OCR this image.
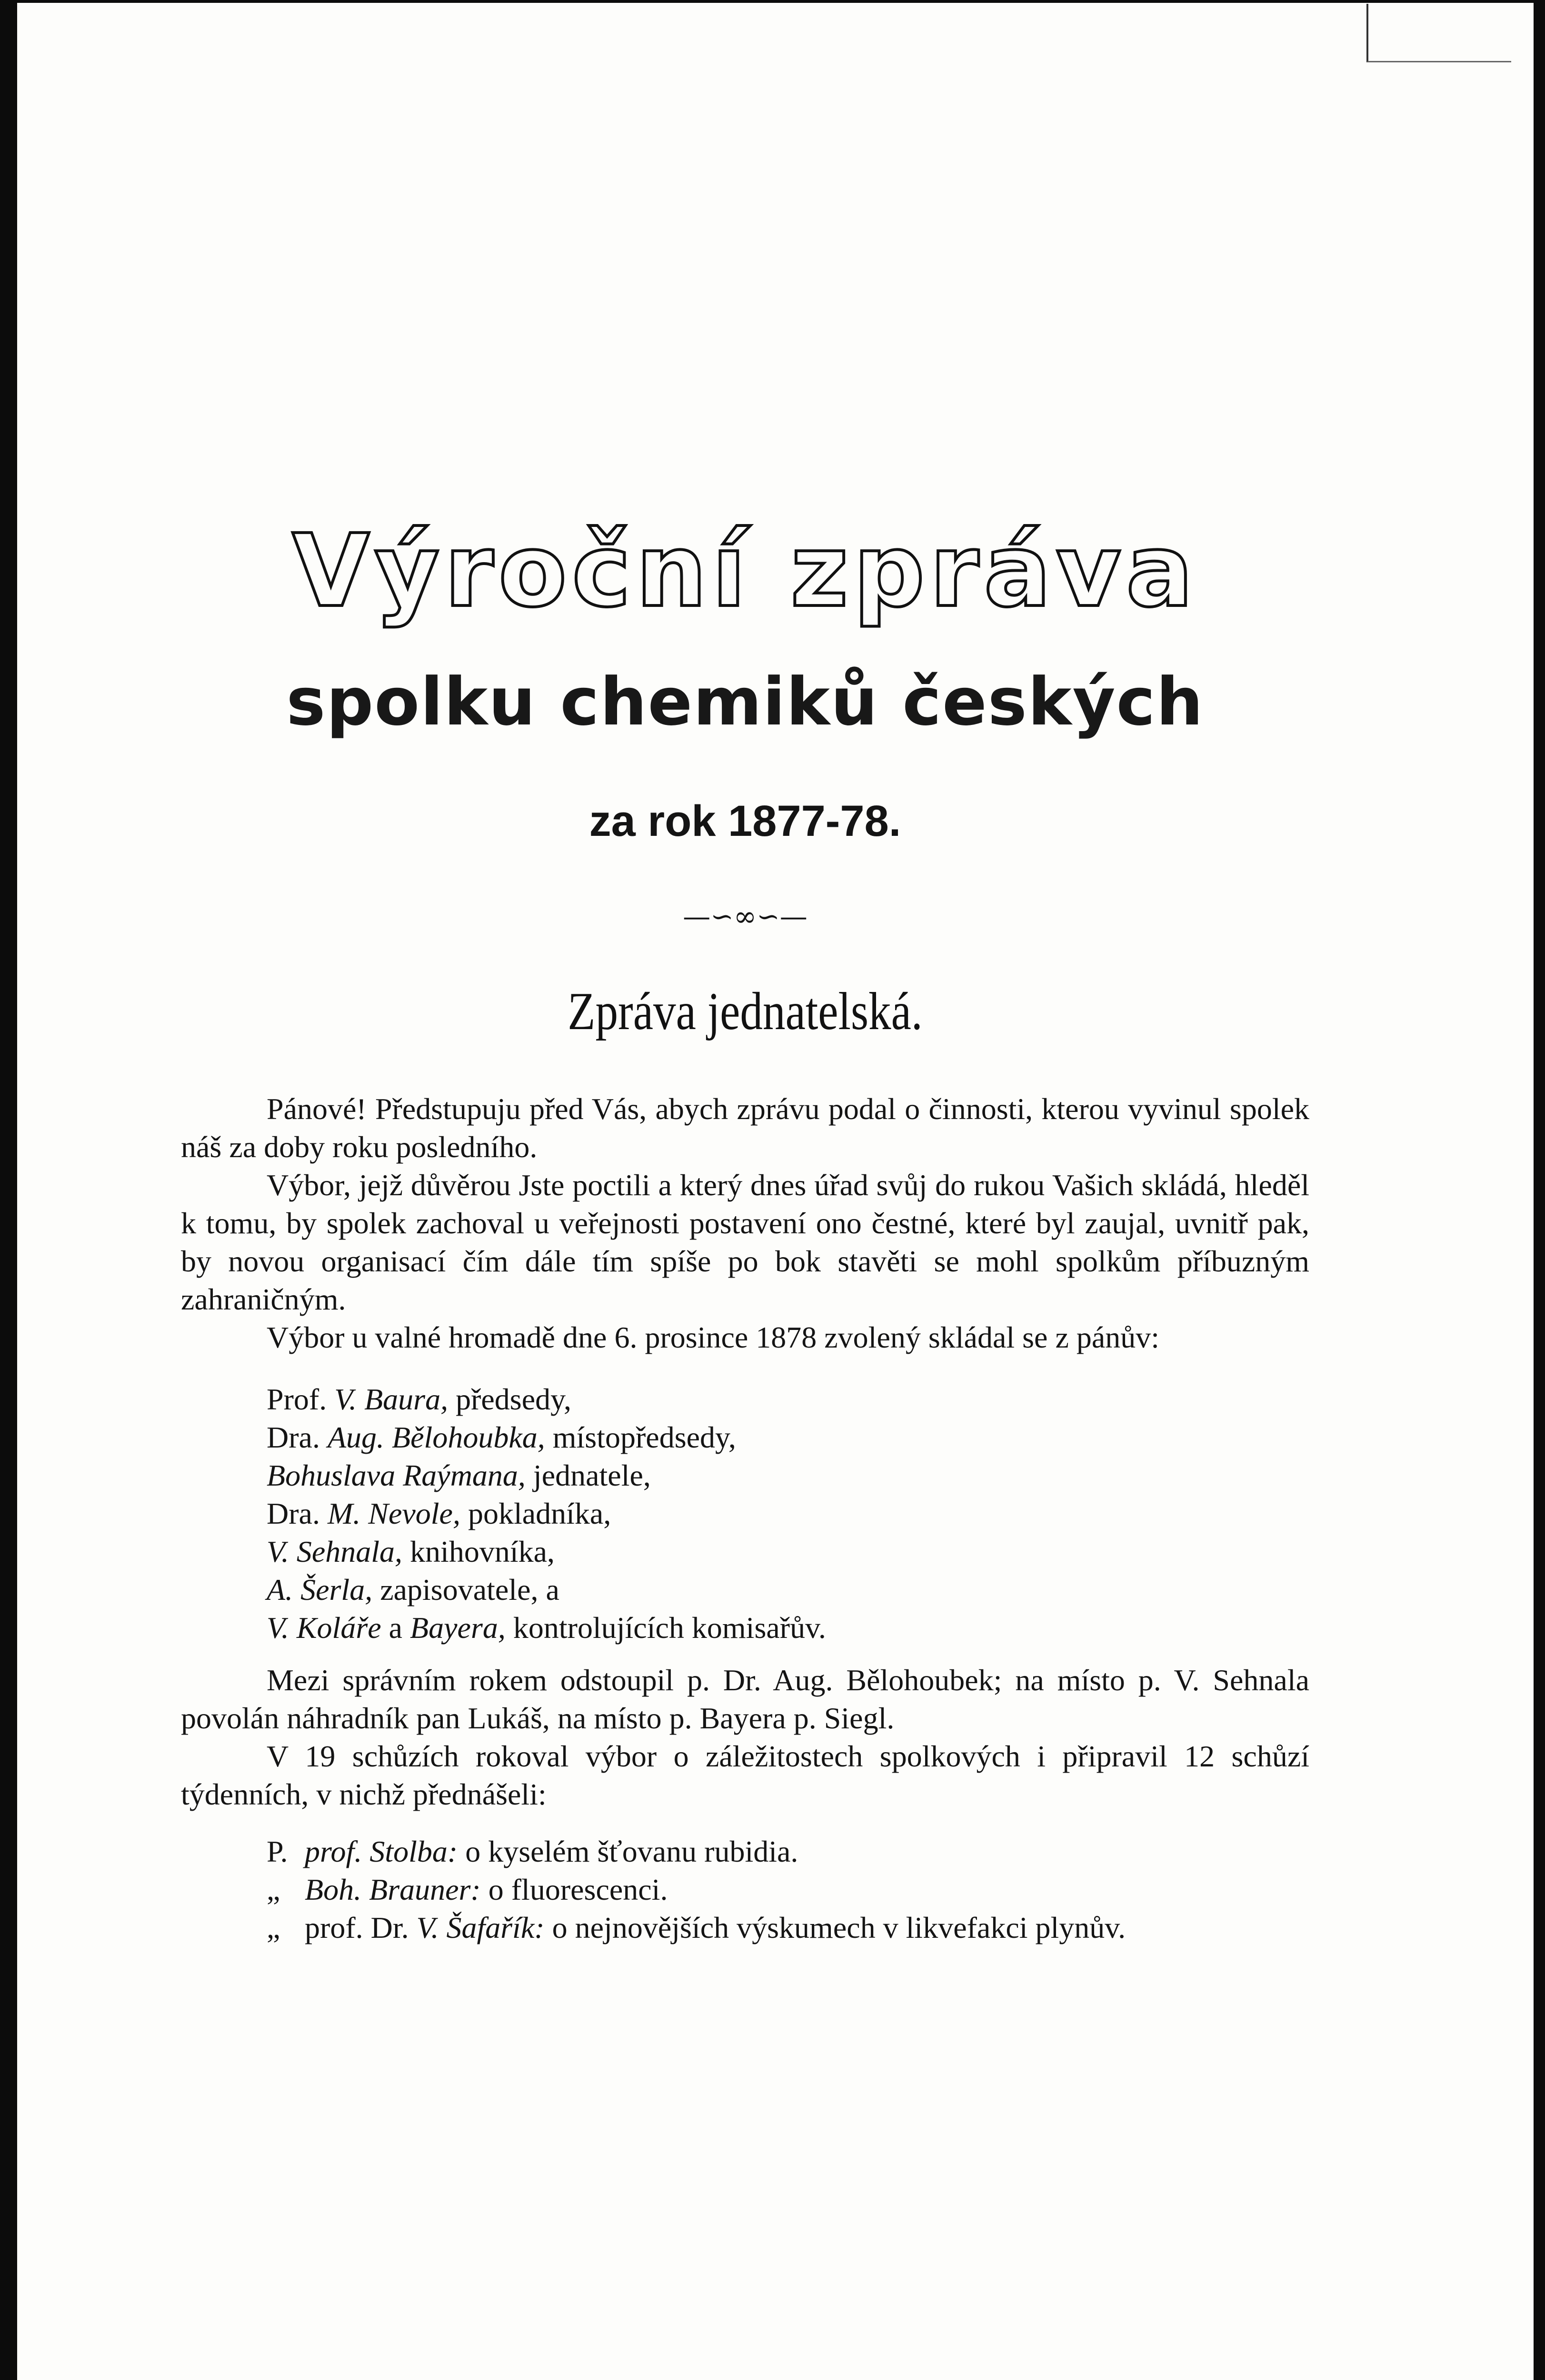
Výroční zpráva
spolku chemiků českých
za rok 1877-78.
—∽∞∽—
Zpráva jednatelská.

Pánové! Předstupuju před Vás, abych zprávu podal o činnosti, kterou vyvinul spolek náš za doby roku posledního.

Výbor, jejž důvěrou Jste poctili a který dnes úřad svůj do rukou Vašich skládá, hleděl k tomu, by spolek zachoval u veřejnosti postavení ono čestné, které byl zaujal, uvnitř pak, by novou organisací čím dále tím spíše po bok stavěti se mohl spolkům příbuzným zahraničným.

Výbor u valné hromadě dne 6. prosince 1878 zvolený skládal se z pánův:

Prof. V. Baura, předsedy,
Dra. Aug. Bělohoubka, místopředsedy,
Bohuslava Raýmana, jednatele,
Dra. M. Nevole, pokladníka,
V. Sehnala, knihovníka,
A. Šerla, zapisovatele, a
V. Koláře a Bayera, kontrolujících komisařův.

Mezi správním rokem odstoupil p. Dr. Aug. Bělohoubek; na místo p. V. Sehnala povolán náhradník pan Lukáš, na místo p. Bayera p. Siegl.

V 19 schůzích rokoval výbor o záležitostech spolkových i připravil 12 schůzí týdenních, v nichž přednášeli:

P. prof. Stolba: o kyselém šťovanu rubidia.
„ Boh. Brauner: o fluorescenci.
„ prof. Dr. V. Šafařík: o nejnovějších výskumech v likvefakci plynův.
